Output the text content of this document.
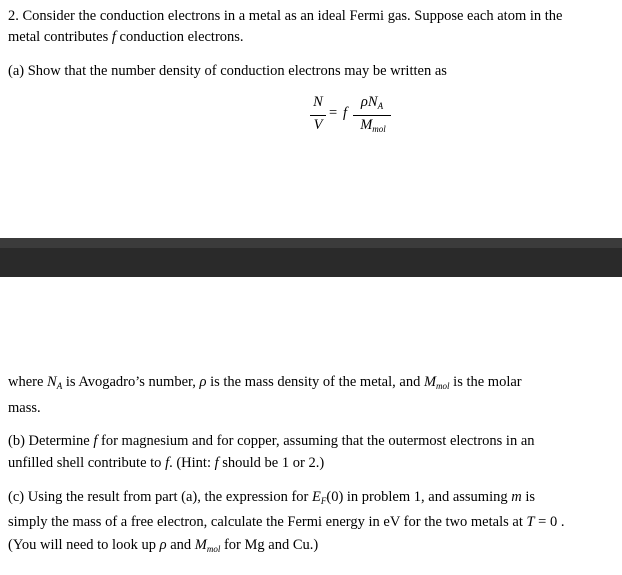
2. Consider the conduction electrons in a metal as an ideal Fermi gas. Suppose each atom in the
metal contributes f conduction electrons.
(a) Show that the number density of conduction electrons may be written as
N
V
= f
$\rho N_A$
$M_{mol}$
where $N_A$ is Avogadro’s number, ρ is the mass density of the metal, and $M_{mol}$ is the molar
mass.
(b) Determine f for magnesium and for copper, assuming that the outermost electrons in an
unfilled shell contribute to f. (Hint: f should be 1 or 2.)
(c) Using the result from part (a), the expression for $E_F(0)$ in problem 1, and assuming m is
simply the mass of a free electron, calculate the Fermi energy in eV for the two metals at T = 0 .
(You will need to look up ρ and $M_{mol}$ for Mg and Cu.)
